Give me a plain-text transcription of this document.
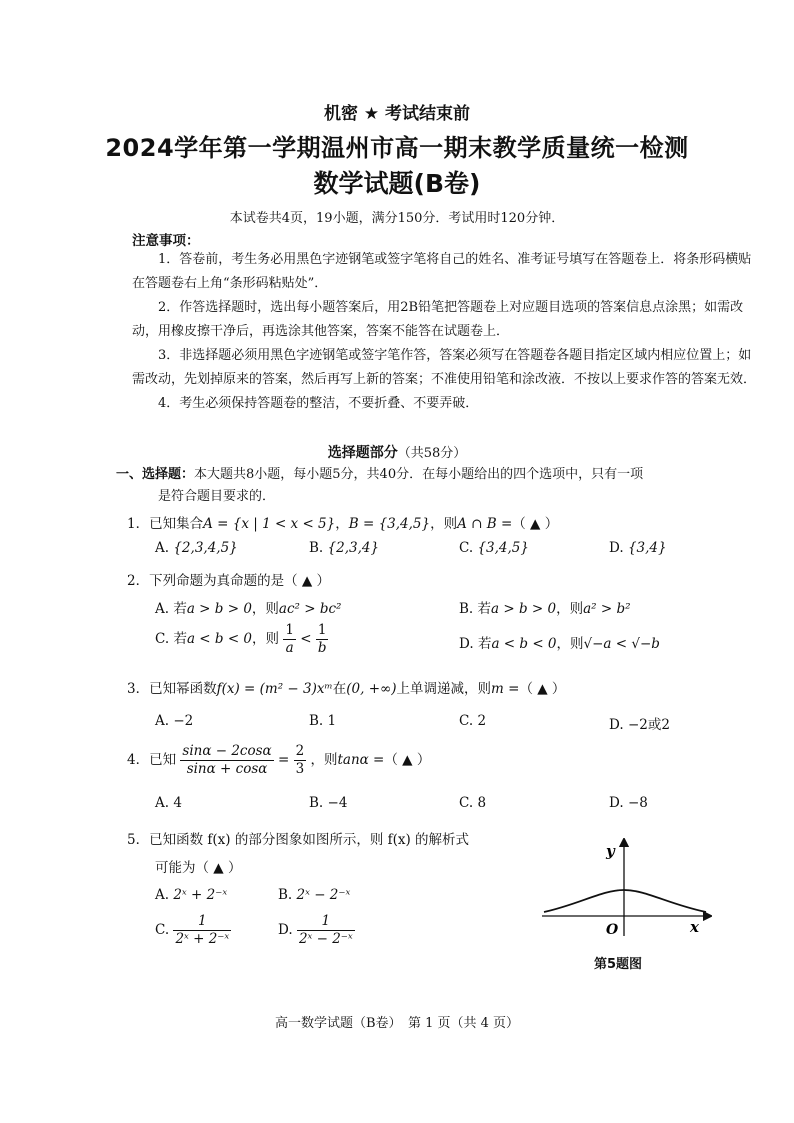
机密 ★ 考试结束前
2024学年第一学期温州市高一期末教学质量统一检测
数学试题(B卷)
本试卷共4页，19小题，满分150分．考试用时120分钟．
注意事项：

1．答卷前，考生务必用黑色字迹钢笔或签字笔将自己的姓名、准考证号填写在答题卷上．将条形码横贴在答题卷右上角“条形码粘贴处”．

2．作答选择题时，选出每小题答案后，用2B铅笔把答题卷上对应题目选项的答案信息点涂黑；如需改动，用橡皮擦干净后，再选涂其他答案，答案不能答在试题卷上．

3．非选择题必须用黑色字迹钢笔或签字笔作答，答案必须写在答题卷各题目指定区域内相应位置上；如需改动，先划掉原来的答案，然后再写上新的答案；不准使用铅笔和涂改液．不按以上要求作答的答案无效．

4．考生必须保持答题卷的整洁，不要折叠、不要弄破．

选择题部分（共58分）
一、选择题：本大题共8小题，每小题5分，共40分．在每小题给出的四个选项中，只有一项
是符合题目要求的．
1．已知集合A = {x | 1 < x < 5}，B = {3,4,5}，则A ∩ B =（ ▲ ）
A. {2,3,4,5}	B. {2,3,4}	C. {3,4,5}	D. {3,4}
2．下列命题为真命题的是（ ▲ ）
A. 若a > b > 0，则ac² > bc²	B. 若a > b > 0，则a² > b²
C. 若a < b < 0，则 $\frac{1}{a} < \frac{1}{b}$	D. 若a < b < 0，则√−a < √−b
3．已知幂函数f(x) = (m² − 3)xᵐ在(0, +∞)上单调递减，则m =（ ▲ ）
A. −2	B. 1	C. 2	D. −2或2
4．已知 $\frac{\sin\alpha - 2\cos\alpha}{\sin\alpha + \cos\alpha} = \frac{2}{3}$ ，则tanα =（ ▲ ）
A. 4	B. −4	C. 8	D. −8
5．已知函数 f(x) 的部分图象如图所示，则 f(x) 的解析式
可能为（ ▲ ）
A. 2ˣ + 2⁻ˣ	B. 2ˣ − 2⁻ˣ
C. $\frac{1}{\text{2ˣ + 2⁻ˣ}}$	D. $\frac{1}{\text{2ˣ − 2⁻ˣ}}$
y
x
O
第5题图
高一数学试题（B卷）　第 1 页（共 4 页）
